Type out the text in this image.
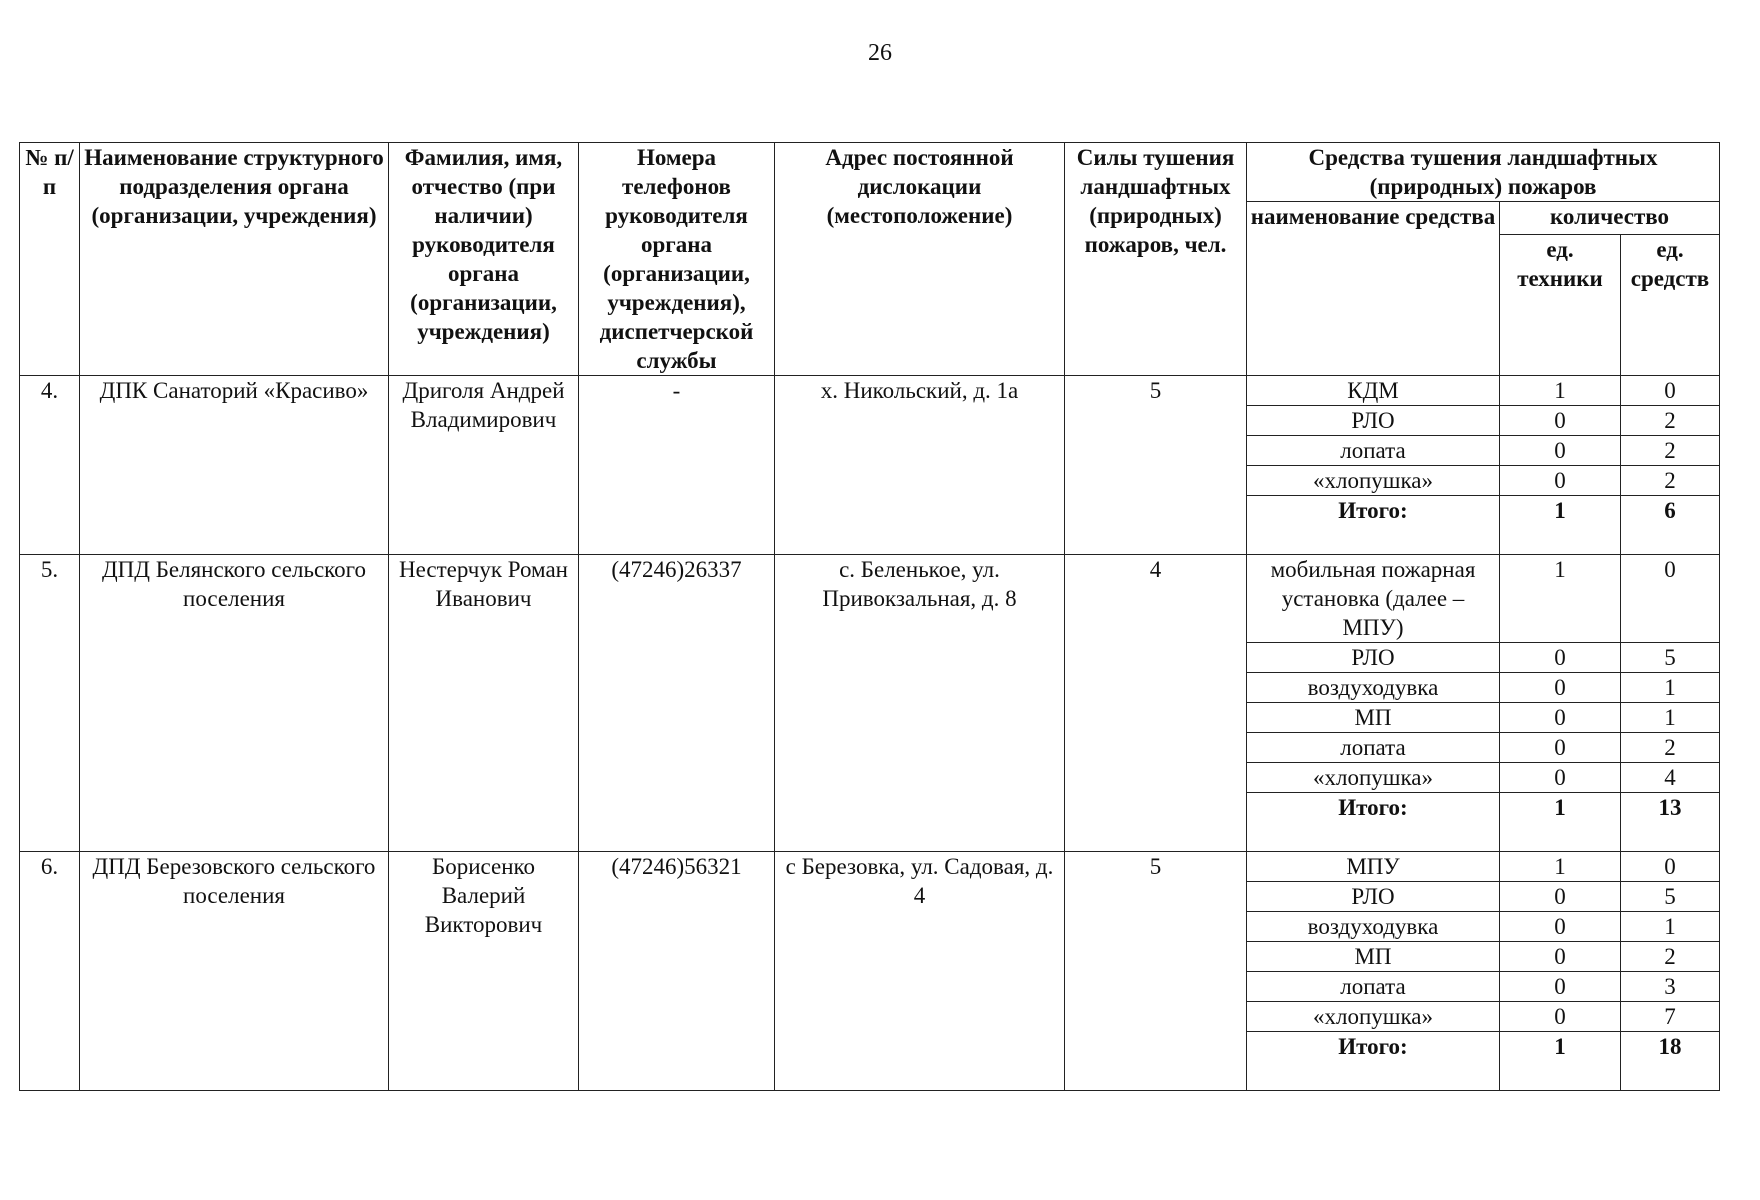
26
№ п/п	Наименование структурного подразделения органа (организации, учреждения)	Фамилия, имя, отчество (при наличии) руководителя органа (организации, учреждения)	Номера телефонов руководителя органа (организации, учреждения), диспетчерской службы	Адрес постоянной дислокации (местоположение)	Силы тушения ландшафтных (природных) пожаров, чел.	Средства тушения ландшафтных (природных) пожаров		
						наименование средства	количество	
							ед. техники	ед. средств
4.	ДПК Санаторий «Красиво»	Дриголя Андрей Владимирович	-	х. Никольский, д. 1а	5	КДМ	1	0
						РЛО	0	2
						лопата	0	2
						«хлопушка»	0	2
						Итого:	1	6
5.	ДПД Белянского сельского поселения	Нестерчук Роман Иванович	(47246)26337	с. Беленькое, ул. Привокзальная, д. 8	4	мобильная пожарная установка (далее – МПУ)	1	0
						РЛО	0	5
						воздуходувка	0	1
						МП	0	1
						лопата	0	2
						«хлопушка»	0	4
						Итого:	1	13
6.	ДПД Березовского сельского поселения	Борисенко Валерий Викторович	(47246)56321	с Березовка, ул. Садовая, д. 4	5	МПУ	1	0
						РЛО	0	5
						воздуходувка	0	1
						МП	0	2
						лопата	0	3
						«хлопушка»	0	7
						Итого:	1	18
